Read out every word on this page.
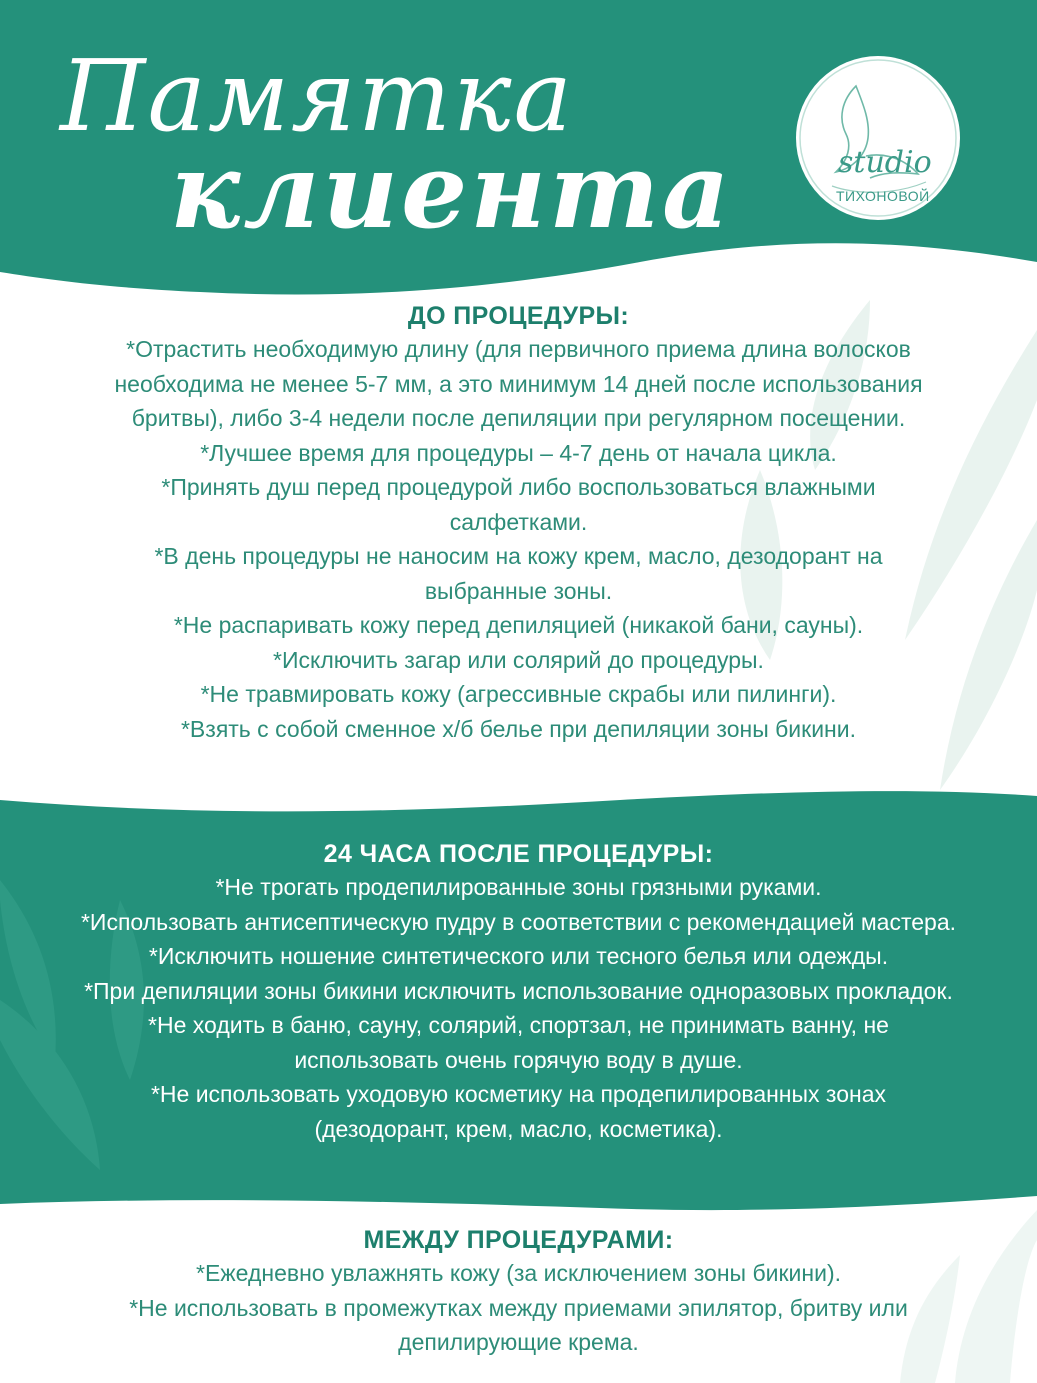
Памятка
клиента	studio
ТИХОНОВОЙ
ДО ПРОЦЕДУРЫ:
*Отрастить необходимую длину (для первичного приема длина волосков
необходима не менее 5-7 мм, а это минимум 14 дней после использования
бритвы), либо 3-4 недели после депиляции при регулярном посещении.
*Лучшее время для процедуры – 4-7 день от начала цикла.
*Принять душ перед процедурой либо воспользоваться влажными
салфетками.
*В день процедуры не наносим на кожу крем, масло, дезодорант на
выбранные зоны.
*Не распаривать кожу перед депиляцией (никакой бани, сауны).
*Исключить загар или солярий до процедуры.
*Не травмировать кожу (агрессивные скрабы или пилинги).
*Взять с собой сменное х/б белье при депиляции зоны бикини.
24 ЧАСА ПОСЛЕ ПРОЦЕДУРЫ:
*Не трогать продепилированные зоны грязными руками.
*Использовать антисептическую пудру в соответствии с рекомендацией мастера.
*Исключить ношение синтетического или тесного белья или одежды.
*При депиляции зоны бикини исключить использование одноразовых прокладок.
*Не ходить в баню, сауну, солярий, спортзал, не принимать ванну, не
использовать очень горячую воду в душе.
*Не использовать уходовую косметику на продепилированных зонах
(дезодорант, крем, масло, косметика).
МЕЖДУ ПРОЦЕДУРАМИ:
*Ежедневно увлажнять кожу (за исключением зоны бикини).
*Не использовать в промежутках между приемами эпилятор, бритву или
депилирующие крема.
